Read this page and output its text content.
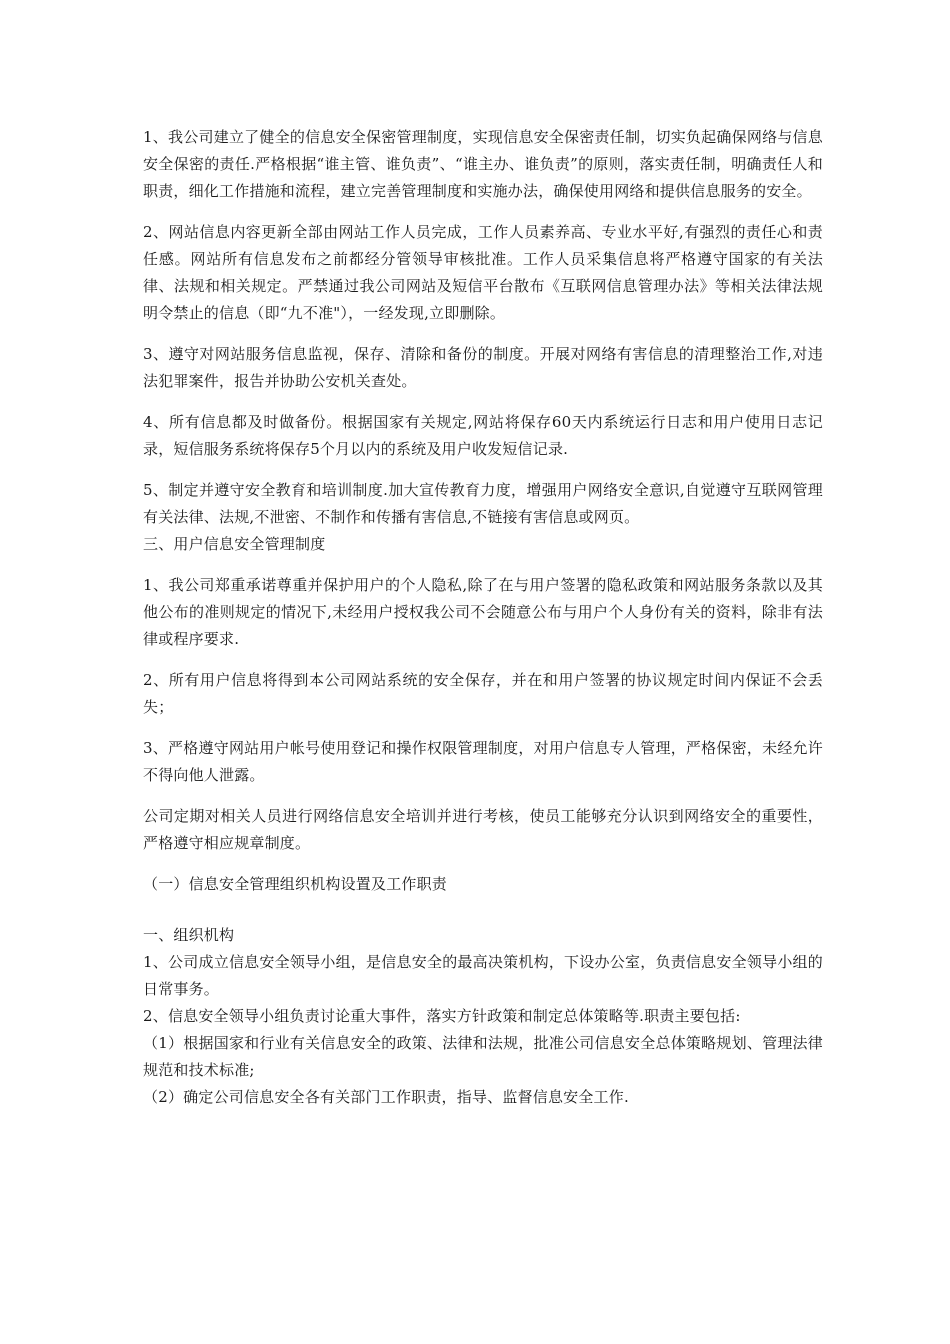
1、我公司建立了健全的信息安全保密管理制度，实现信息安全保密责任制，切实负起确保网络与信息安全保密的责任.严格根据“谁主管、谁负责”、“谁主办、谁负责”的原则，落实责任制，明确责任人和职责，细化工作措施和流程，建立完善管理制度和实施办法，确保使用网络和提供信息服务的安全。

2、网站信息内容更新全部由网站工作人员完成，工作人员素养高、专业水平好,有强烈的责任心和责任感。网站所有信息发布之前都经分管领导审核批准。工作人员采集信息将严格遵守国家的有关法律、法规和相关规定。严禁通过我公司网站及短信平台散布《互联网信息管理办法》等相关法律法规明令禁止的信息（即“九不准"），一经发现,立即删除。

3、遵守对网站服务信息监视，保存、清除和备份的制度。开展对网络有害信息的清理整治工作,对违法犯罪案件，报告并协助公安机关查处。

4、所有信息都及时做备份。根据国家有关规定,网站将保存60天内系统运行日志和用户使用日志记录，短信服务系统将保存5个月以内的系统及用户收发短信记录.

5、制定并遵守安全教育和培训制度.加大宣传教育力度，增强用户网络安全意识,自觉遵守互联网管理有关法律、法规,不泄密、不制作和传播有害信息,不链接有害信息或网页。

三、用户信息安全管理制度

1、我公司郑重承诺尊重并保护用户的个人隐私,除了在与用户签署的隐私政策和网站服务条款以及其他公布的准则规定的情况下,未经用户授权我公司不会随意公布与用户个人身份有关的资料，除非有法律或程序要求.

2、所有用户信息将得到本公司网站系统的安全保存，并在和用户签署的协议规定时间内保证不会丢失；

3、严格遵守网站用户帐号使用登记和操作权限管理制度，对用户信息专人管理，严格保密，未经允许不得向他人泄露。

公司定期对相关人员进行网络信息安全培训并进行考核，使员工能够充分认识到网络安全的重要性，严格遵守相应规章制度。

（一）信息安全管理组织机构设置及工作职责

一、组织机构

1、公司成立信息安全领导小组，是信息安全的最高决策机构，下设办公室，负责信息安全领导小组的日常事务。

2、信息安全领导小组负责讨论重大事件，落实方针政策和制定总体策略等.职责主要包括:

（1）根据国家和行业有关信息安全的政策、法律和法规，批准公司信息安全总体策略规划、管理法律规范和技术标准;

（2）确定公司信息安全各有关部门工作职责，指导、监督信息安全工作.
